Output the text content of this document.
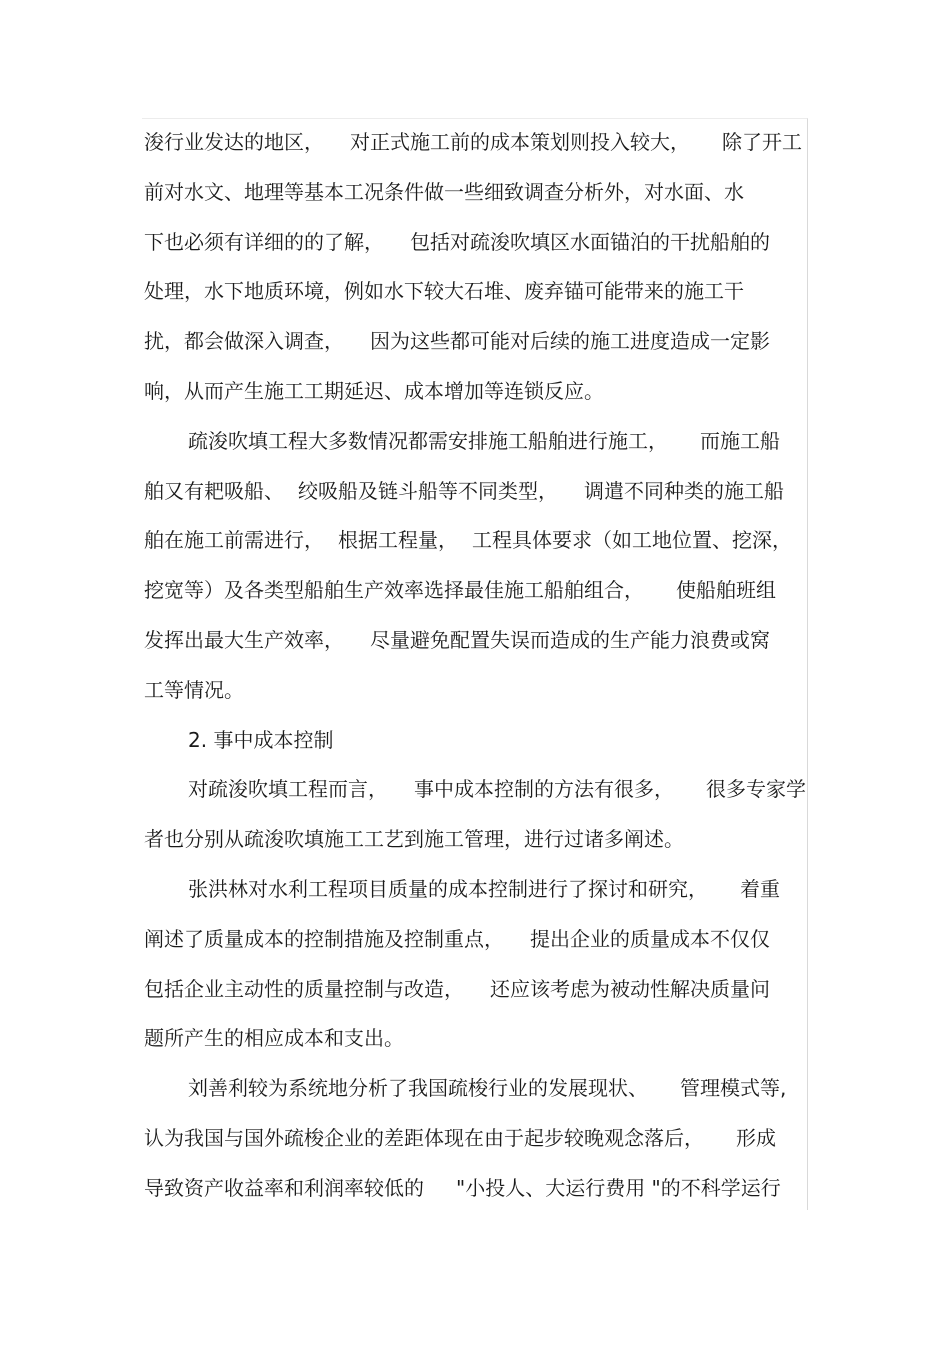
浚行业发达的地区， 对正式施工前的成本策划则投入较大， 除了开工
前对水文、地理等基本工况条件做一些细致调查分析外，对水面、水
下也必须有详细的的了解， 包括对疏浚吹填区水面锚泊的干扰船舶的
处理，水下地质环境，例如水下较大石堆、废弃锚可能带来的施工干
扰，都会做深入调查， 因为这些都可能对后续的施工进度造成一定影
响，从而产生施工工期延迟、成本增加等连锁反应。
疏浚吹填工程大多数情况都需安排施工船舶进行施工， 而施工船
舶又有耙吸船、 绞吸船及链斗船等不同类型， 调遣不同种类的施工船
舶在施工前需进行， 根据工程量， 工程具体要求（如工地位置、挖深，
挖宽等）及各类型船舶生产效率选择最佳施工船舶组合， 使船舶班组
发挥出最大生产效率， 尽量避免配置失误而造成的生产能力浪费或窝
工等情况。
2. 事中成本控制
对疏浚吹填工程而言， 事中成本控制的方法有很多， 很多专家学
者也分别从疏浚吹填施工工艺到施工管理，进行过诸多阐述。
张洪林对水利工程项目质量的成本控制进行了探讨和研究， 着重
阐述了质量成本的控制措施及控制重点， 提出企业的质量成本不仅仅
包括企业主动性的质量控制与改造， 还应该考虑为被动性解决质量问
题所产生的相应成本和支出。
刘善利较为系统地分析了我国疏梭行业的发展现状、 管理模式等,
认为我国与国外疏梭企业的差距体现在由于起步较晚观念落后， 形成
导致资产收益率和利润率较低的 "小投人、大运行费用 "的不科学运行
